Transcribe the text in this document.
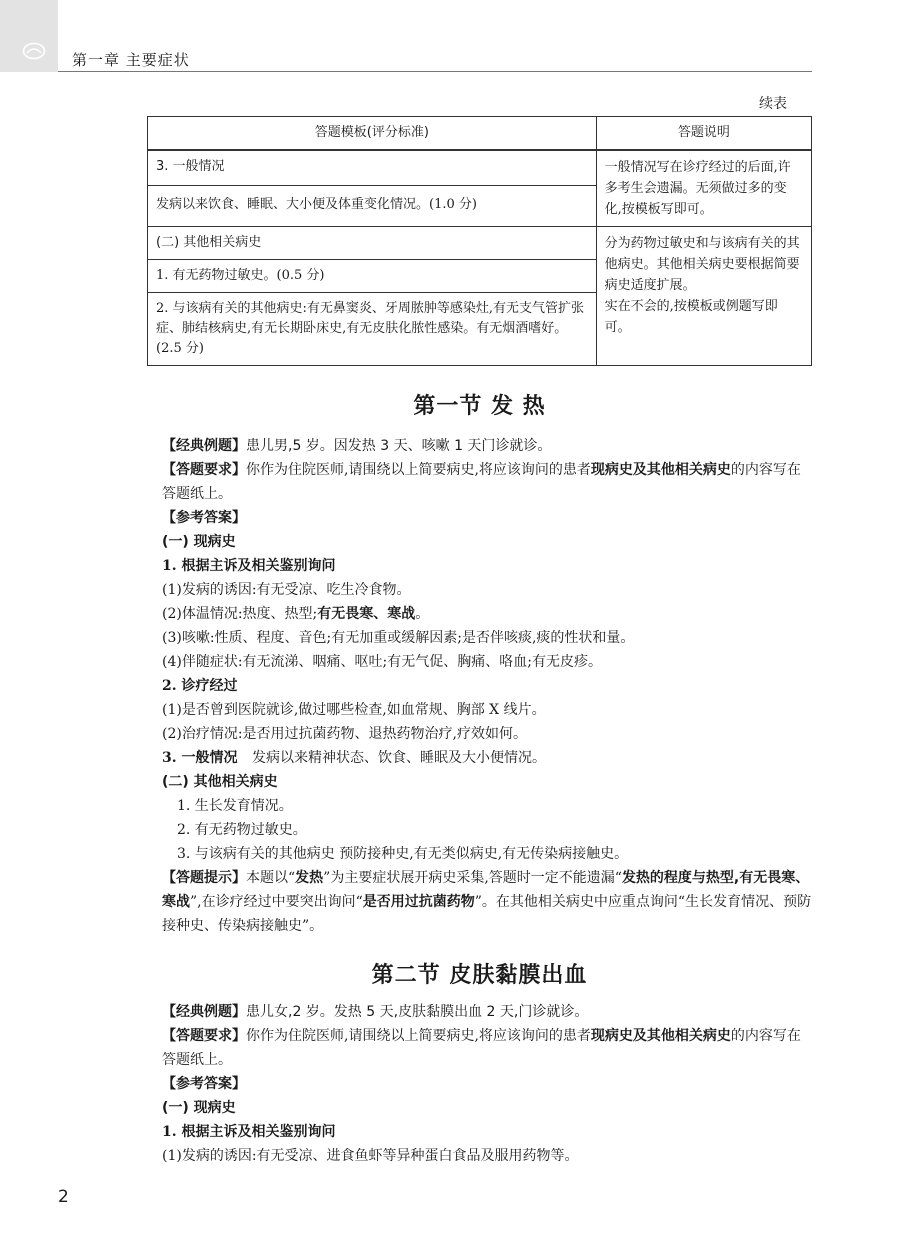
第一章 主要症状
续表
答题模板(评分标准)	答题说明
3. 一般情况	一般情况写在诊疗经过的后面,许多考生会遗漏。无须做过多的变化,按模板写即可。
发病以来饮食、睡眠、大小便及体重变化情况。(1.0 分)	
(二) 其他相关病史	分为药物过敏史和与该病有关的其他病史。其他相关病史要根据简要病史适度扩展。
实在不会的,按模板或例题写即可。

1. 有无药物过敏史。(0.5 分)	
2. 与该病有关的其他病史:有无鼻窦炎、牙周脓肿等感染灶,有无支气管扩张症、肺结核病史,有无长期卧床史,有无皮肤化脓性感染。有无烟酒嗜好。(2.5 分)	
第一节 发 热
【经典例题】患儿男,5 岁。因发热 3 天、咳嗽 1 天门诊就诊。
【答题要求】你作为住院医师,请围绕以上简要病史,将应该询问的患者现病史及其他相关病史的内容写在答题纸上。
【参考答案】
(一) 现病史
1. 根据主诉及相关鉴别询问
(1)发病的诱因:有无受凉、吃生冷食物。
(2)体温情况:热度、热型;有无畏寒、寒战。
(3)咳嗽:性质、程度、音色;有无加重或缓解因素;是否伴咳痰,痰的性状和量。
(4)伴随症状:有无流涕、咽痛、呕吐;有无气促、胸痛、咯血;有无皮疹。
2. 诊疗经过
(1)是否曾到医院就诊,做过哪些检查,如血常规、胸部 X 线片。
(2)治疗情况:是否用过抗菌药物、退热药物治疗,疗效如何。
3. 一般情况 发病以来精神状态、饮食、睡眠及大小便情况。
(二) 其他相关病史
1. 生长发育情况。
2. 有无药物过敏史。
3. 与该病有关的其他病史 预防接种史,有无类似病史,有无传染病接触史。
【答题提示】本题以“发热”为主要症状展开病史采集,答题时一定不能遗漏“发热的程度与热型,有无畏寒、寒战”,在诊疗经过中要突出询问“是否用过抗菌药物”。在其他相关病史中应重点询问“生长发育情况、预防接种史、传染病接触史”。
第二节 皮肤黏膜出血
【经典例题】患儿女,2 岁。发热 5 天,皮肤黏膜出血 2 天,门诊就诊。
【答题要求】你作为住院医师,请围绕以上简要病史,将应该询问的患者现病史及其他相关病史的内容写在答题纸上。
【参考答案】
(一) 现病史
1. 根据主诉及相关鉴别询问
(1)发病的诱因:有无受凉、进食鱼虾等异种蛋白食品及服用药物等。
2
